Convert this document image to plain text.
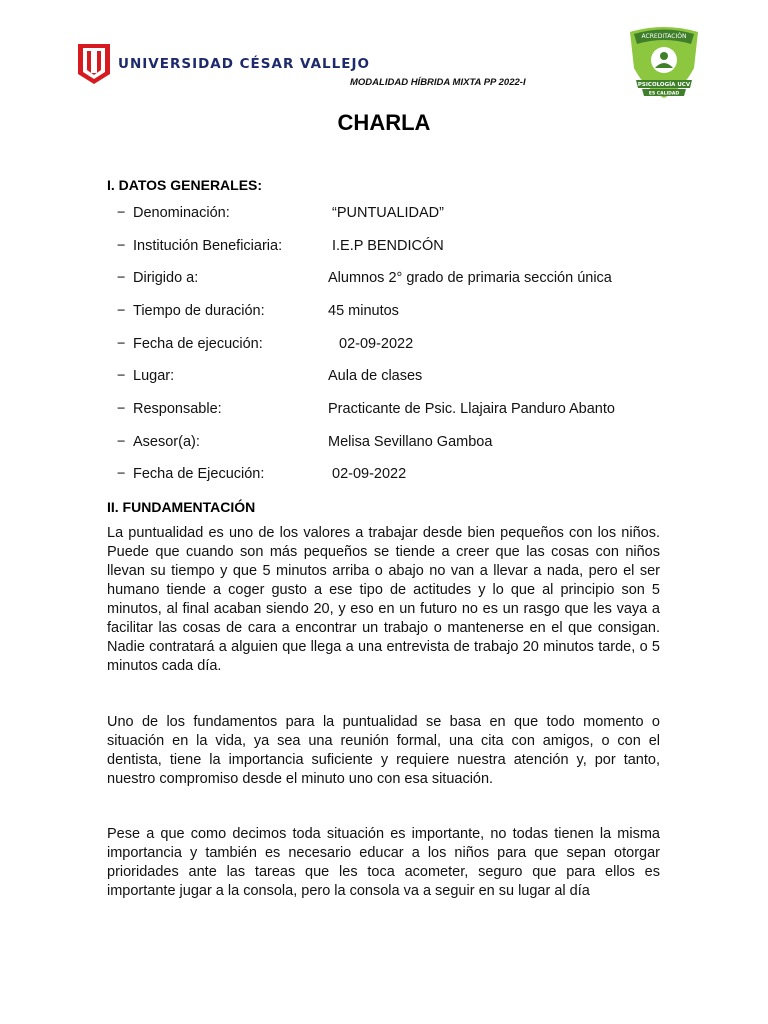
UNIVERSIDAD CÉSAR VALLEJO
ACREDITACIÓN
PSICOLOGÍA UCV
ES CALIDAD
MODALIDAD HÍBRIDA MIXTA PP 2022-I
CHARLA
I. DATOS GENERALES:
− Denominación:	“PUNTUALIDAD”
− Institución Beneficiaria:	I.E.P BENDICÓN
− Dirigido a:	Alumnos 2° grado de primaria sección única
− Tiempo de duración:	45 minutos
− Fecha de ejecución:	02-09-2022
− Lugar:	Aula de clases
− Responsable:	Practicante de Psic. Llajaira Panduro Abanto
− Asesor(a):	Melisa Sevillano Gamboa
− Fecha de Ejecución:	02-09-2022
II. FUNDAMENTACIÓN

La puntualidad es uno de los valores a trabajar desde bien pequeños con los niños. Puede que cuando son más pequeños se tiende a creer que las cosas con niños llevan su tiempo y que 5 minutos arriba o abajo no van a llevar a nada, pero el ser humano tiende a coger gusto a ese tipo de actitudes y lo que al principio son 5 minutos, al final acaban siendo 20, y eso en un futuro no es un rasgo que les vaya a facilitar las cosas de cara a encontrar un trabajo o mantenerse en el que consigan. Nadie contratará a alguien que llega a una entrevista de trabajo 20 minutos tarde, o 5 minutos cada día.

Uno de los fundamentos para la puntualidad se basa en que todo momento o situación en la vida, ya sea una reunión formal, una cita con amigos, o con el dentista, tiene la importancia suficiente y requiere nuestra atención y, por tanto, nuestro compromiso desde el minuto uno con esa situación.

Pese a que como decimos toda situación es importante, no todas tienen la misma importancia y también es necesario educar a los niños para que sepan otorgar prioridades ante las tareas que les toca acometer, seguro que para ellos es importante jugar a la consola, pero la consola va a seguir en su lugar al día
